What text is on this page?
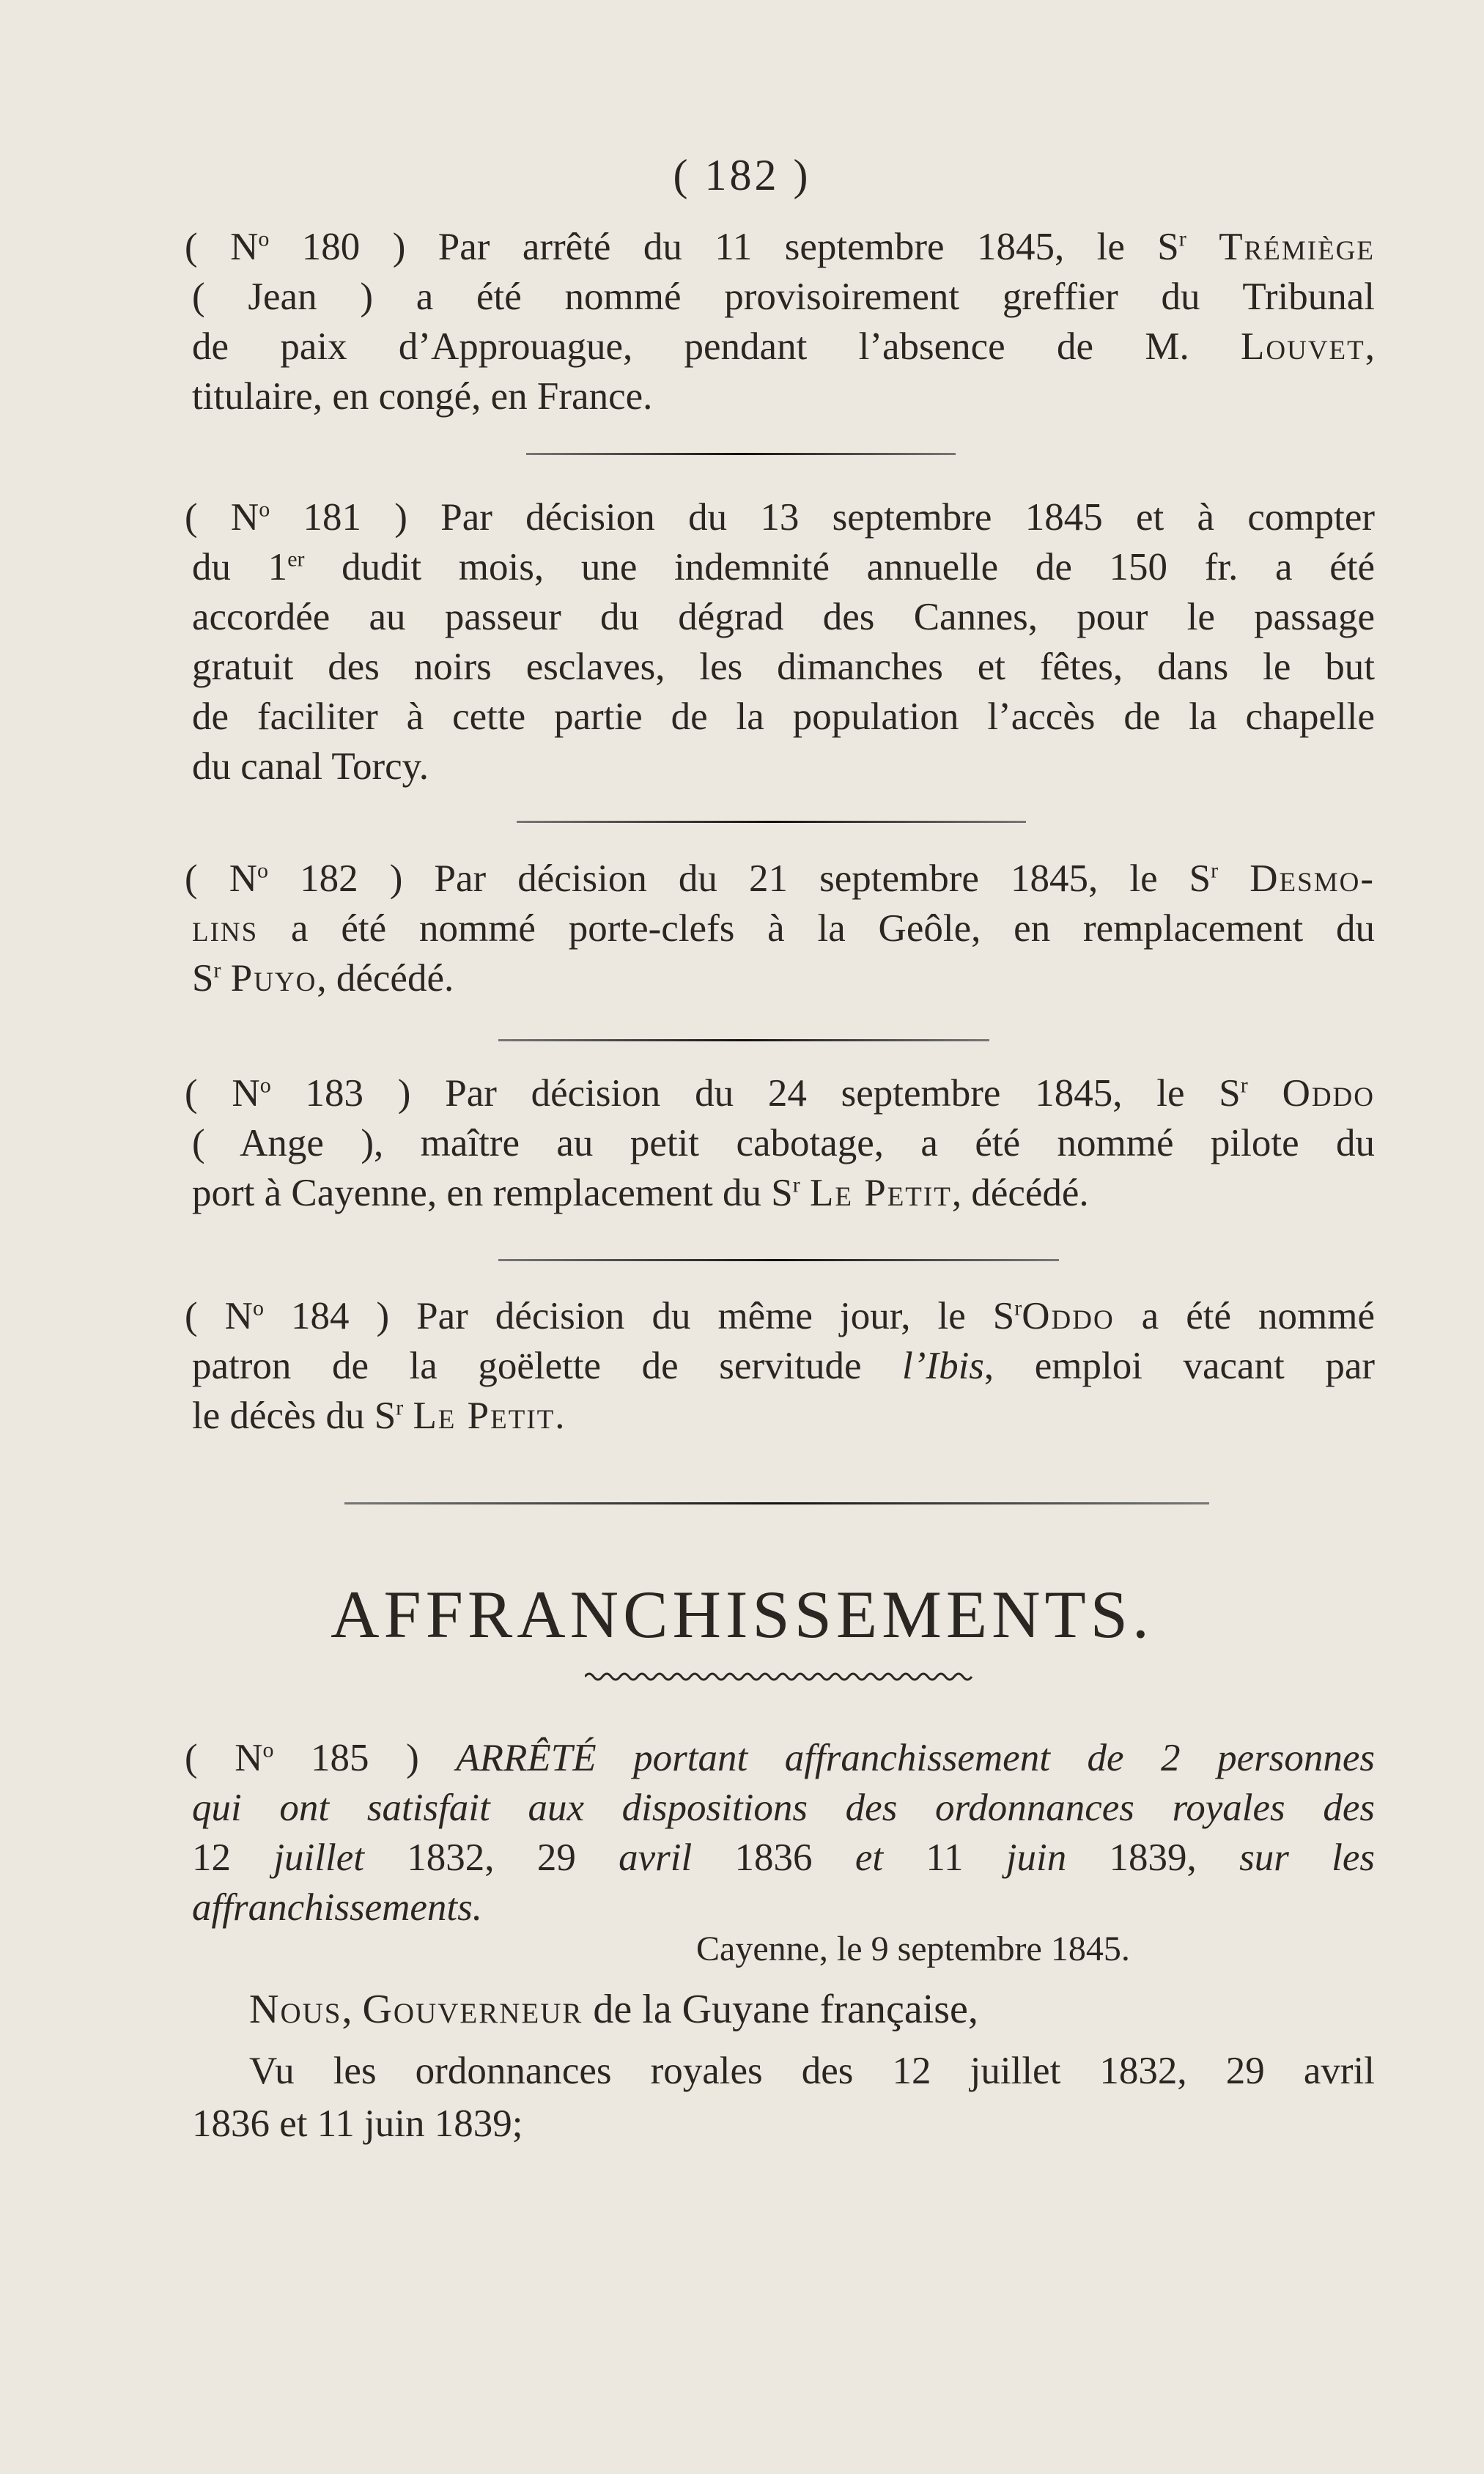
( 182 )
( $N^o$ 180 ) Par arrêté du 11 septembre 1845, le $S^r$ Trémiège
( Jean ) a été nommé provisoirement greffier du Tribunal
de paix d’Approuague, pendant l’absence de M. Louvet,
titulaire, en congé, en France.
( $N^o$ 181 ) Par décision du 13 septembre 1845 et à compter
du 1er dudit mois, une indemnité annuelle de 150 fr. a été
accordée au passeur du dégrad des Cannes, pour le passage
gratuit des noirs esclaves, les dimanches et fêtes, dans le but
de faciliter à cette partie de la population l’accès de la chapelle
du canal Torcy.
( $N^o$ 182 ) Par décision du 21 septembre 1845, le $S^r$ Desmo-
lins a été nommé porte-clefs à la Geôle, en remplacement du
$S^r$ Puyo, décédé.
( $N^o$ 183 ) Par décision du 24 septembre 1845, le $S^r$ Oddo
( Ange ), maître au petit cabotage, a été nommé pilote du
port à Cayenne, en remplacement du $S^r$ Le Petit, décédé.
( $N^o$ 184 ) Par décision du même jour, le $S^rOddo$ a été nommé
patron de la goëlette de servitude l’Ibis, emploi vacant par
le décès du $S^r$ Le Petit.
AFFRANCHISSEMENTS.
( $N^o$ 185 ) ARRÊTÉ portant affranchissement de 2 personnes
qui ont satisfait aux dispositions des ordonnances royales des
12 juillet 1832, 29 avril 1836 et 11 juin 1839, sur les
affranchissements.
Cayenne, le 9 septembre 1845.
Nous, Gouverneur de la Guyane française,
Vu les ordonnances royales des 12 juillet 1832, 29 avril
1836 et 11 juin 1839;
